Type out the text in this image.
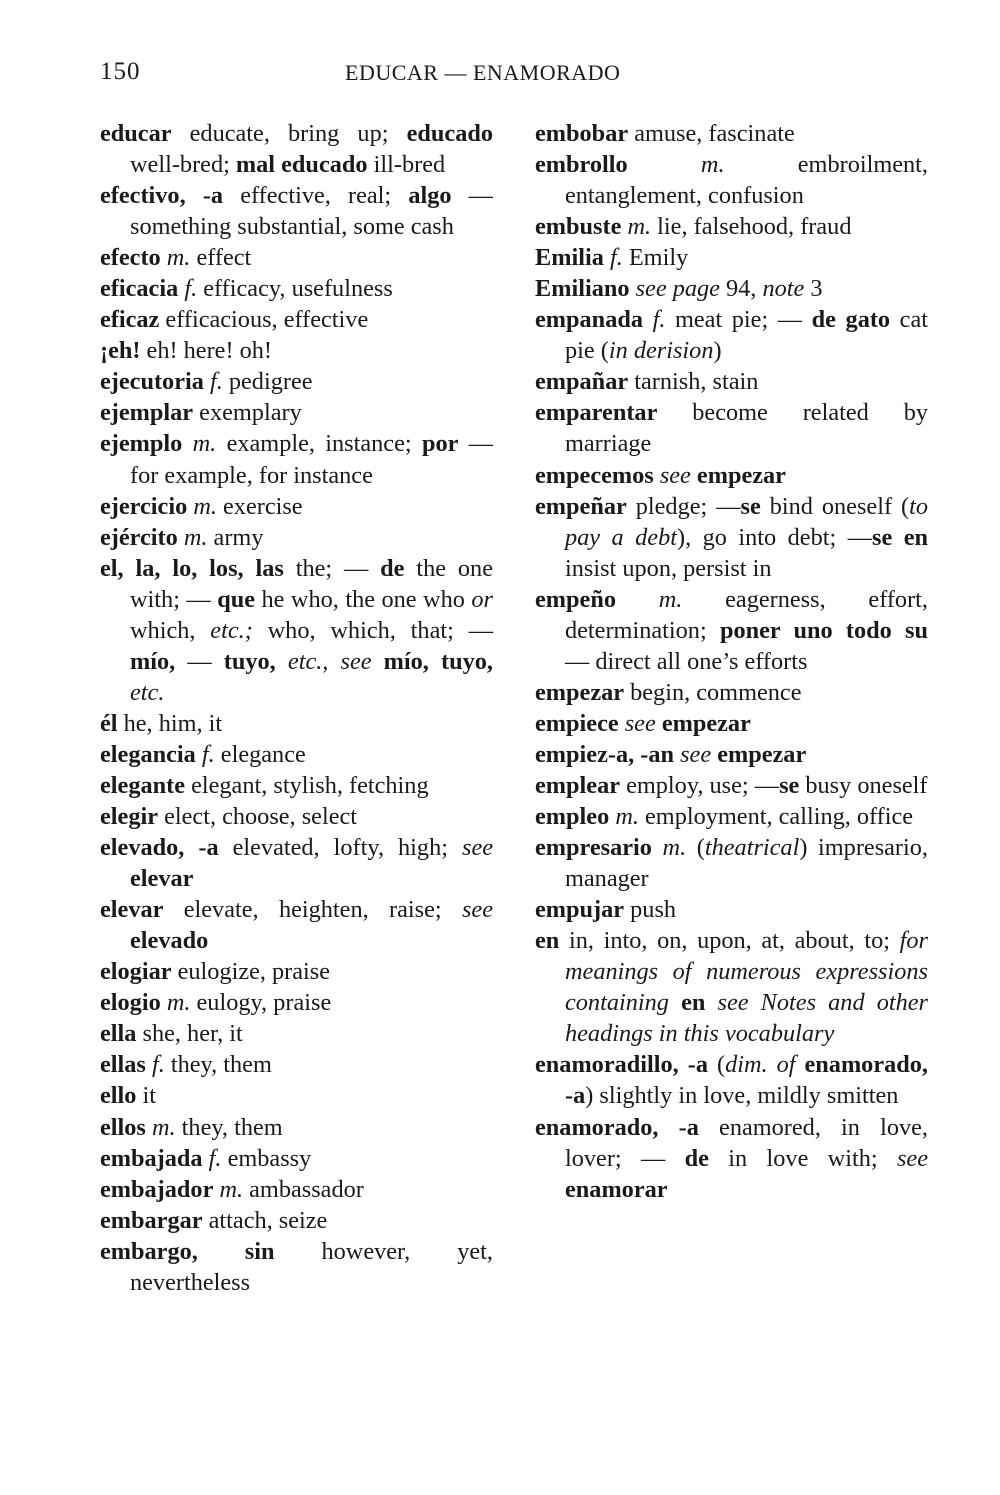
150	EDUCAR — ENAMORADO

educar educate, bring up; educado well-bred; mal educado ill-bred

efectivo, -a effective, real; algo — something substantial, some cash

efecto m. effect

eficacia f. efficacy, usefulness

eficaz efficacious, effective

¡eh! eh! here! oh!

ejecutoria f. pedigree

ejemplar exemplary

ejemplo m. example, instance; por — for example, for instance

ejercicio m. exercise

ejército m. army

el, la, lo, los, las the; — de the one with; — que he who, the one who or which, etc.; who, which, that; — mío, — tuyo, etc., see mío, tuyo, etc.

él he, him, it

elegancia f. elegance

elegante elegant, stylish, fetching

elegir elect, choose, select

elevado, -a elevated, lofty, high; see elevar

elevar elevate, heighten, raise; see elevado

elogiar eulogize, praise

elogio m. eulogy, praise

ella she, her, it

ellas f. they, them

ello it

ellos m. they, them

embajada f. embassy

embajador m. ambassador

embargar attach, seize

embargo, sin however, yet, nevertheless

embobar amuse, fascinate

embrollo	m. embroilment, entanglement, confusion

embuste m. lie, falsehood, fraud

Emilia f. Emily

Emiliano see page 94, note 3

empanada f. meat pie; — de gato cat pie (in derision)

empañar tarnish, stain

emparentar become related by marriage

empecemos see empezar

empeñar pledge; —se bind oneself (to pay a debt), go into debt; —se en insist upon, persist in

empeño m. eagerness, effort, determination; poner uno todo su — direct all one’s efforts

empezar begin, commence

empiece see empezar

empiez-a, -an see empezar

emplear employ, use; —se busy oneself

empleo m. employment, calling, office

empresario m. (theatrical) impresario, manager

empujar push

en in, into, on, upon, at, about, to; for meanings of numerous expressions containing en see Notes and other headings in this vocabulary

enamoradillo, -a (dim. of enamorado, -a) slightly in love, mildly smitten

enamorado, -a enamored, in love, lover; — de in love with; see enamorar
